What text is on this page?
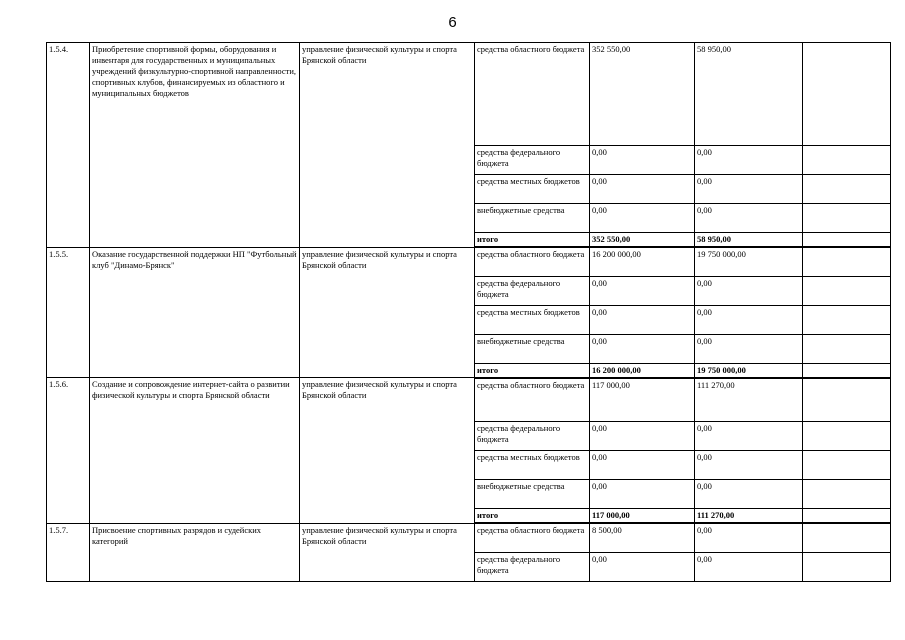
6
1.5.4.	Приобретение спортивной формы, оборудования и инвентаря для государственных и муниципальных учреждений физкультурно-спортивной направленности, спортивных клубов, финансируемых из областного и муниципальных бюджетов	управление физической культуры и спорта Брянской области	средства областного бюджета	352 550,00	58 950,00	
			средства федерального бюджета	0,00	0,00	
			средства местных бюджетов	0,00	0,00	
			внебюджетные средства	0,00	0,00	
			итого	352 550,00	58 950,00	
1.5.5.	Оказание государственной поддержки НП "Футбольный клуб "Динамо-Брянск"	управление физической культуры и спорта Брянской области	средства областного бюджета	16 200 000,00	19 750 000,00	
			средства федерального бюджета	0,00	0,00	
			средства местных бюджетов	0,00	0,00	
			внебюджетные средства	0,00	0,00	
			итого	16 200 000,00	19 750 000,00	
1.5.6.	Создание и сопровождение интернет-сайта о развитии физической культуры и спорта Брянской области	управление физической культуры и спорта Брянской области	средства областного бюджета	117 000,00	111 270,00	
			средства федерального бюджета	0,00	0,00	
			средства местных бюджетов	0,00	0,00	
			внебюджетные средства	0,00	0,00	
			итого	117 000,00	111 270,00	
1.5.7.	Присвоение спортивных разрядов и судейских категорий	управление физической культуры и спорта Брянской области	средства областного бюджета	8 500,00	0,00	
			средства федерального бюджета	0,00	0,00	
